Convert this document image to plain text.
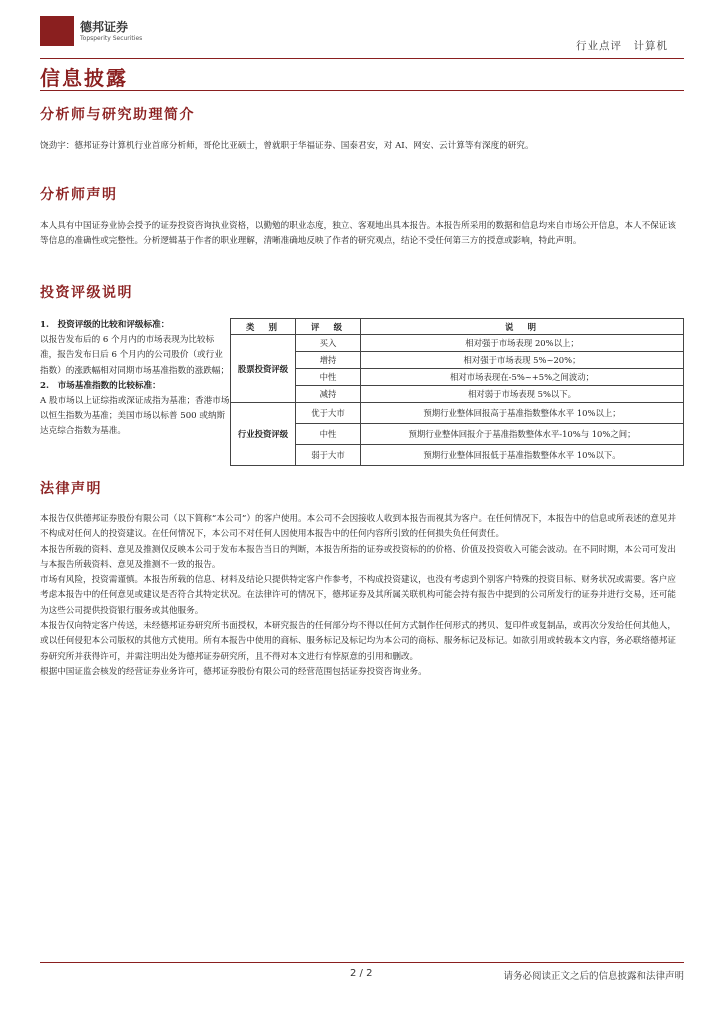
德邦证券
Topsperity Securities
行业点评　计算机
信息披露
分析师与研究助理简介

饶劲宇：德邦证券计算机行业首席分析师，哥伦比亚硕士，曾就职于华福证券、国泰君安，对 AI、网安、云计算等有深度的研究。

分析师声明

本人具有中国证券业协会授予的证券投资咨询执业资格，以勤勉的职业态度，独立、客观地出具本报告。本报告所采用的数据和信息均来自市场公开信息，本人不保证该等信息的准确性或完整性。分析逻辑基于作者的职业理解，清晰准确地反映了作者的研究观点，结论不受任何第三方的授意或影响，特此声明。

投资评级说明

1.　投资评级的比较和评级标准：

以报告发布后的 6 个月内的市场表现为比较标准，报告发布日后 6 个月内的公司股价（或行业指数）的涨跌幅相对同期市场基准指数的涨跌幅；

2.　市场基准指数的比较标准：

A 股市场以上证综指或深证成指为基准；香港市场以恒生指数为基准；美国市场以标普 500 或纳斯达克综合指数为基准。

类　别	评　级	说　明
股票投资评级	买入	相对强于市场表现 20%以上；
	增持	相对强于市场表现 5%~20%；
	中性	相对市场表现在-5%~+5%之间波动；
	减持	相对弱于市场表现 5%以下。
行业投资评级	优于大市	预期行业整体回报高于基准指数整体水平 10%以上；
	中性	预期行业整体回报介于基准指数整体水平-10%与 10%之间；
	弱于大市	预期行业整体回报低于基准指数整体水平 10%以下。
法律声明

本报告仅供德邦证券股份有限公司（以下简称“本公司”）的客户使用。本公司不会因接收人收到本报告而视其为客户。在任何情况下，本报告中的信息或所表述的意见并不构成对任何人的投资建议。在任何情况下，本公司不对任何人因使用本报告中的任何内容所引致的任何损失负任何责任。

本报告所载的资料、意见及推测仅反映本公司于发布本报告当日的判断，本报告所指的证券或投资标的的价格、价值及投资收入可能会波动。在不同时期，本公司可发出与本报告所载资料、意见及推测不一致的报告。

市场有风险，投资需谨慎。本报告所载的信息、材料及结论只提供特定客户作参考，不构成投资建议，也没有考虑到个别客户特殊的投资目标、财务状况或需要。客户应考虑本报告中的任何意见或建议是否符合其特定状况。在法律许可的情况下，德邦证券及其所属关联机构可能会持有报告中提到的公司所发行的证券并进行交易，还可能为这些公司提供投资银行服务或其他服务。

本报告仅向特定客户传送，未经德邦证券研究所书面授权，本研究报告的任何部分均不得以任何方式制作任何形式的拷贝、复印件或复制品，或再次分发给任何其他人，或以任何侵犯本公司版权的其他方式使用。所有本报告中使用的商标、服务标记及标记均为本公司的商标、服务标记及标记。如欲引用或转载本文内容，务必联络德邦证券研究所并获得许可，并需注明出处为德邦证券研究所，且不得对本文进行有悖原意的引用和删改。

根据中国证监会核发的经营证券业务许可，德邦证券股份有限公司的经营范围包括证券投资咨询业务。

2 / 2	请务必阅读正文之后的信息披露和法律声明
